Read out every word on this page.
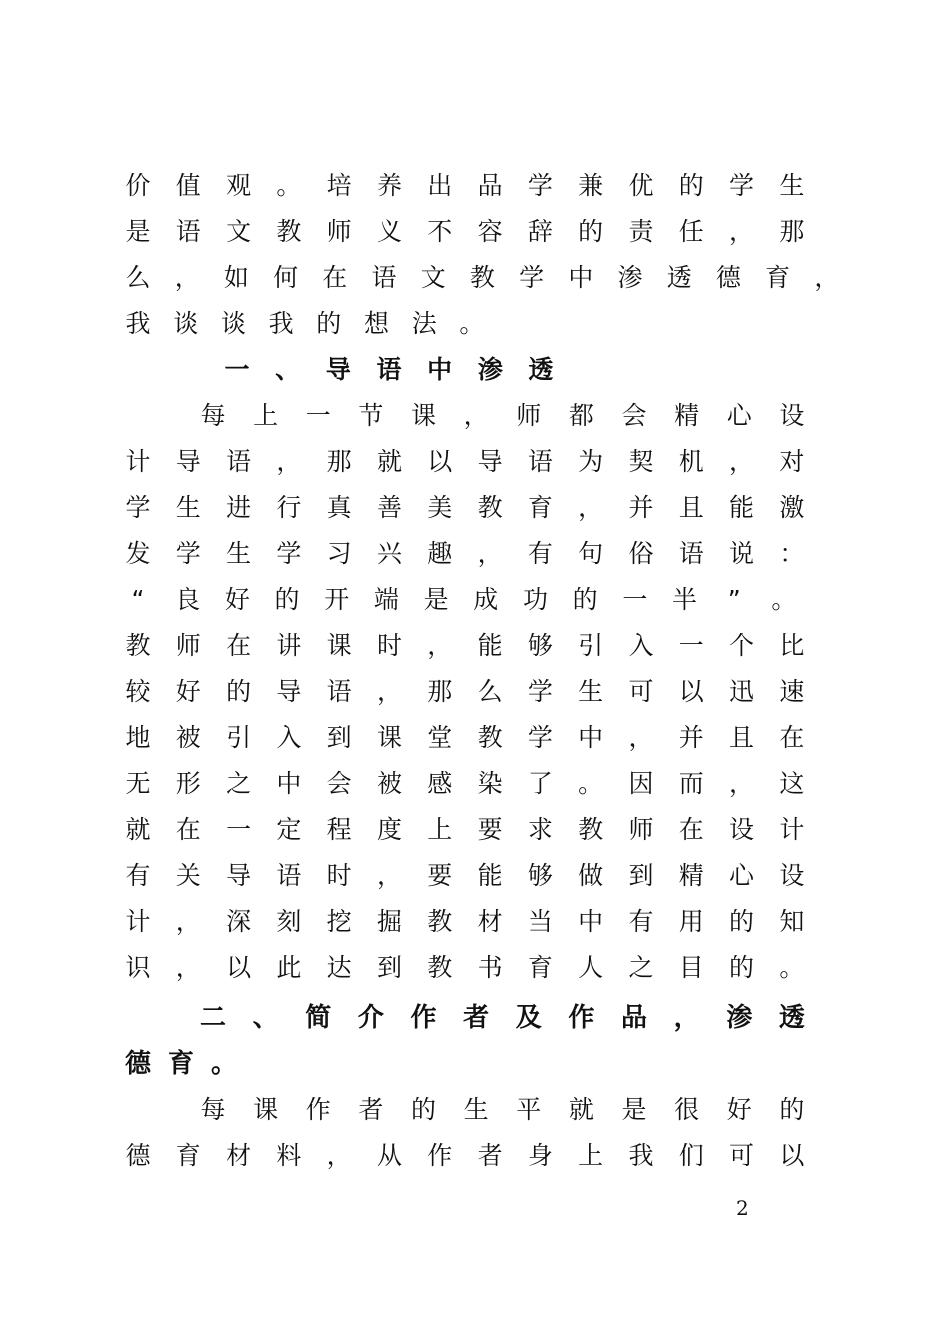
价 值 观 。 培 养 出 品 学 兼 优 的 学 生
是 语 文 教 师 义 不 容 辞 的 责 任 ， 那
么 ， 如 何 在 语 文 教 学 中 渗 透 德 育 ，
我 谈 谈 我 的 想 法 。
一 、 导 语 中 渗 透
每 上 一 节 课 ， 师 都 会 精 心 设
计 导 语 ， 那 就 以 导 语 为 契 机 ， 对
学 生 进 行 真 善 美 教 育 ， 并 且 能 激
发 学 生 学 习 兴 趣 ， 有 句 俗 语 说 ：
“ 良 好 的 开 端 是 成 功 的 一 半 ” 。
教 师 在 讲 课 时 ， 能 够 引 入 一 个 比
较 好 的 导 语 ， 那 么 学 生 可 以 迅 速
地 被 引 入 到 课 堂 教 学 中 ， 并 且 在
无 形 之 中 会 被 感 染 了 。 因 而 ， 这
就 在 一 定 程 度 上 要 求 教 师 在 设 计
有 关 导 语 时 ， 要 能 够 做 到 精 心 设
计 ， 深 刻 挖 掘 教 材 当 中 有 用 的 知
识 ， 以 此 达 到 教 书 育 人 之 目 的 。
二 、 简 介 作 者 及 作 品 ， 渗 透
德 育 。
每 课 作 者 的 生 平 就 是 很 好 的
德 育 材 料 ， 从 作 者 身 上 我 们 可 以
2
